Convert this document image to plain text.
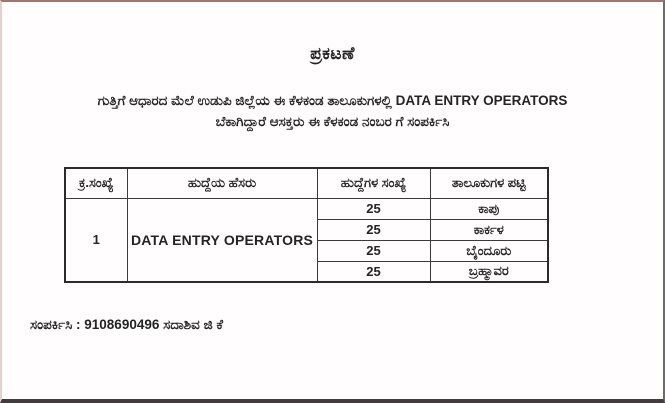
ಪ್ರಕಟಣೆ
ಗುತ್ತಿಗೆ ಆಧಾರದ ಮೆಲೆ ಉಡುಪಿ ಜಿಲ್ಲೆಯ ಈ ಕೆಳಕಂಡ ತಾಲೂಕುಗಳಲ್ಲಿ DATA ENTRY OPERATORS
ಬೆಕಾಗಿದ್ದಾರೆ ಆಸಕ್ತರು ಈ ಕೆಳಕಂಡ ನಂಬರ ಗೆ ಸಂಪರ್ಕಿಸಿ
ಕ್ರ.ಸಂಖ್ಯೆ	ಹುದ್ದೆಯ ಹೆಸರು	ಹುದ್ದೆಗಳ ಸಂಖ್ಯೆ	ತಾಲೂಕುಗಳ ಪಟ್ಟಿ
1	DATA ENTRY OPERATORS	25	ಕಾಪು
		25	ಕಾರ್ಕಳ
		25	ಬೈಂದೂರು
		25	ಬ್ರಹ್ಮಾವರ
ಸಂಪರ್ಕಿಸಿ : 9108690496 ಸದಾಶಿವ ಜಿ ಕೆ
